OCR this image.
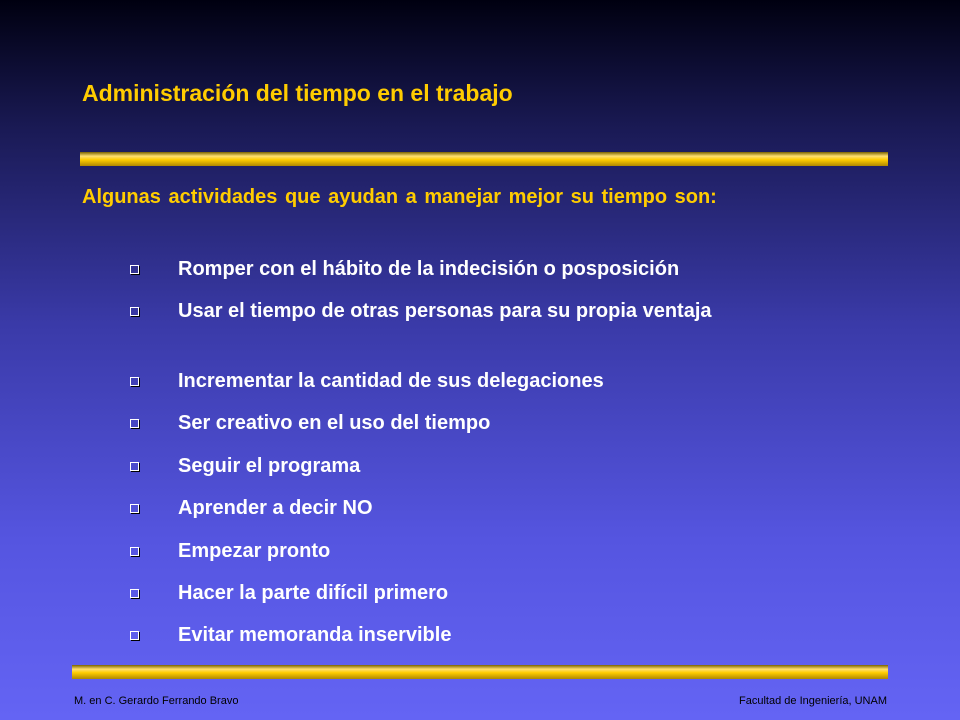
Administración del tiempo en el trabajo
Algunas actividades que ayudan a manejar mejor su tiempo son:
Romper con el hábito de la indecisión o posposición
Usar el tiempo de otras personas para su propia ventaja
Incrementar la cantidad de sus delegaciones
Ser creativo en el uso del tiempo
Seguir el programa
Aprender a decir NO
Empezar pronto
Hacer la parte difícil primero
Evitar memoranda inservible
M. en C. Gerardo Ferrando Bravo	Facultad de Ingeniería, UNAM
